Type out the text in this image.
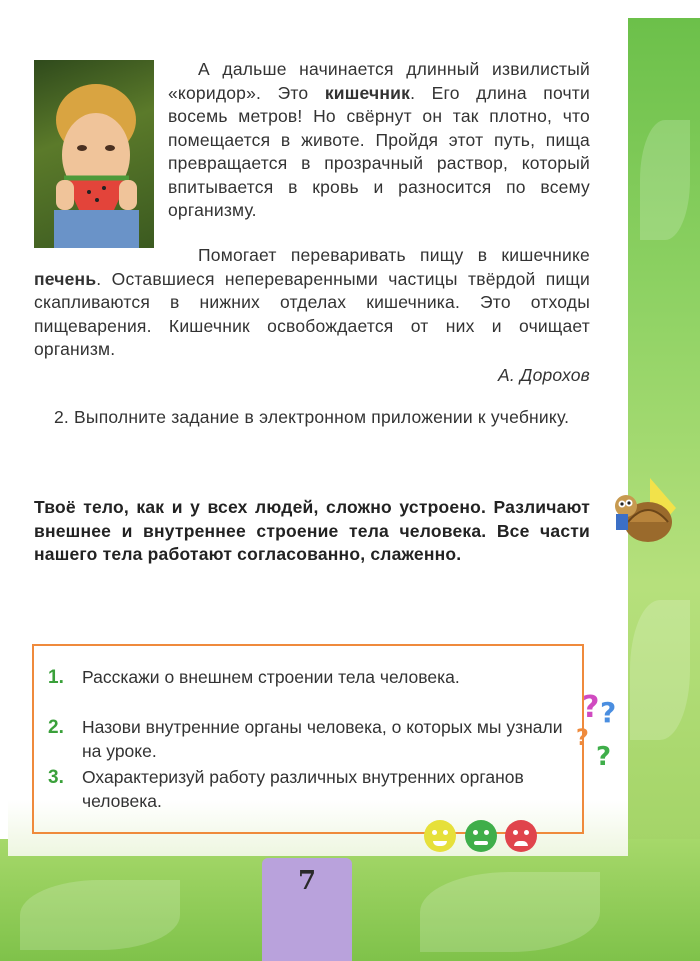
А дальше начинается длинный извилистый «коридор». Это кишечник. Его длина почти восемь метров! Но свёрнут он так плотно, что помещается в животе. Пройдя этот путь, пища превращается в прозрачный раствор, который впитывается в кровь и разносится по всему организму.
Помогает переваривать пищу в кишечнике печень. Оставшиеся непереваренными частицы твёрдой пищи скапливаются в нижних отделах кишечника. Это отходы пищеварения. Кишечник освобождается от них и очищает организм.
А. Дорохов
2. Выполните задание в электронном приложении к учебнику.
Твоё тело, как и у всех людей, сложно устроено. Различают внешнее и внутреннее строение тела человека. Все части нашего тела работают согласованно, слаженно.
1.	Расскажи о внешнем строении тела человека.
2.	Назови внутренние органы человека, о которых мы узнали на уроке.
3.	Охарактеризуй работу различных внутренних органов человека.
? ?
?
?
7
